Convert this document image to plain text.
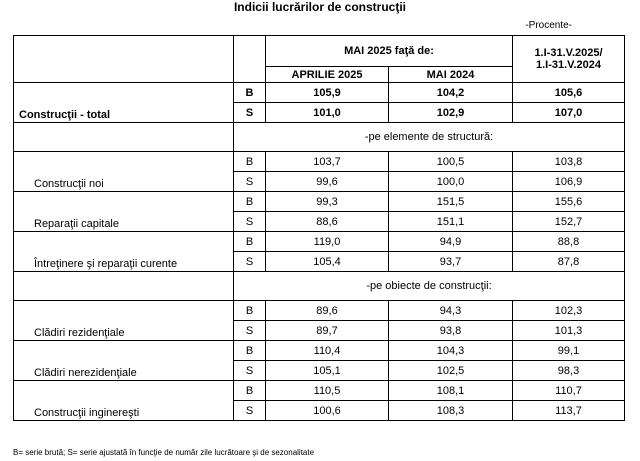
Indicii lucrărilor de construcţii
-Procente-
		MAI 2025 faţă de:		1.I-31.V.2025/
1.I-31.V.2024

		APRILIE 2025	MAI 2024	
Construcţii - total	B	105,9	104,2	105,6
	S	101,0	102,9	107,0
	-pe elemente de structură:			
Construcţii noi	B	103,7	100,5	103,8
	S	99,6	100,0	106,9
Reparaţii capitale	B	99,3	151,5	155,6
	S	88,6	151,1	152,7
Întreţinere şi reparaţii curente	B	119,0	94,9	88,8
	S	105,4	93,7	87,8
	-pe obiecte de construcţii:			
Clădiri rezidenţiale	B	89,6	94,3	102,3
	S	89,7	93,8	101,3
Clădiri nerezidenţiale	B	110,4	104,3	99,1
	S	105,1	102,5	98,3
Construcţii inginereşti	B	110,5	108,1	110,7
	S	100,6	108,3	113,7
B= serie brută; S= serie ajustată în funcţie de număr zile lucrătoare şi de sezonalitate
